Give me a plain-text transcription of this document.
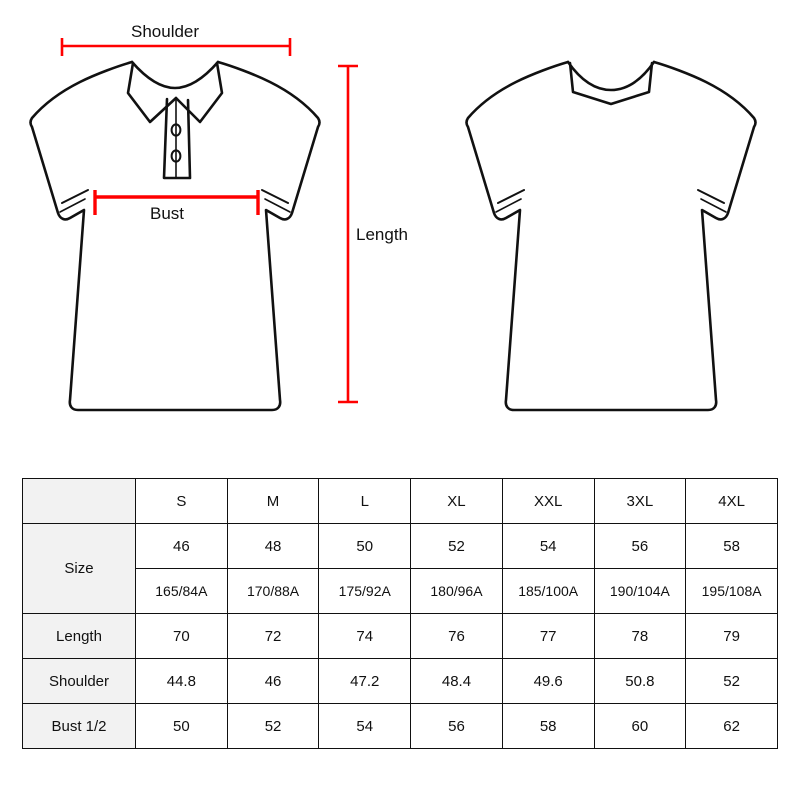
Shoulder
Bust
Length
	S	M	L	XL	XXL	3XL	4XL
Size	46	48	50	52	54	56	58
	165/84A	170/88A	175/92A	180/96A	185/100A	190/104A	195/108A
Length	70	72	74	76	77	78	79
Shoulder	44.8	46	47.2	48.4	49.6	50.8	52
Bust 1/2	50	52	54	56	58	60	62
